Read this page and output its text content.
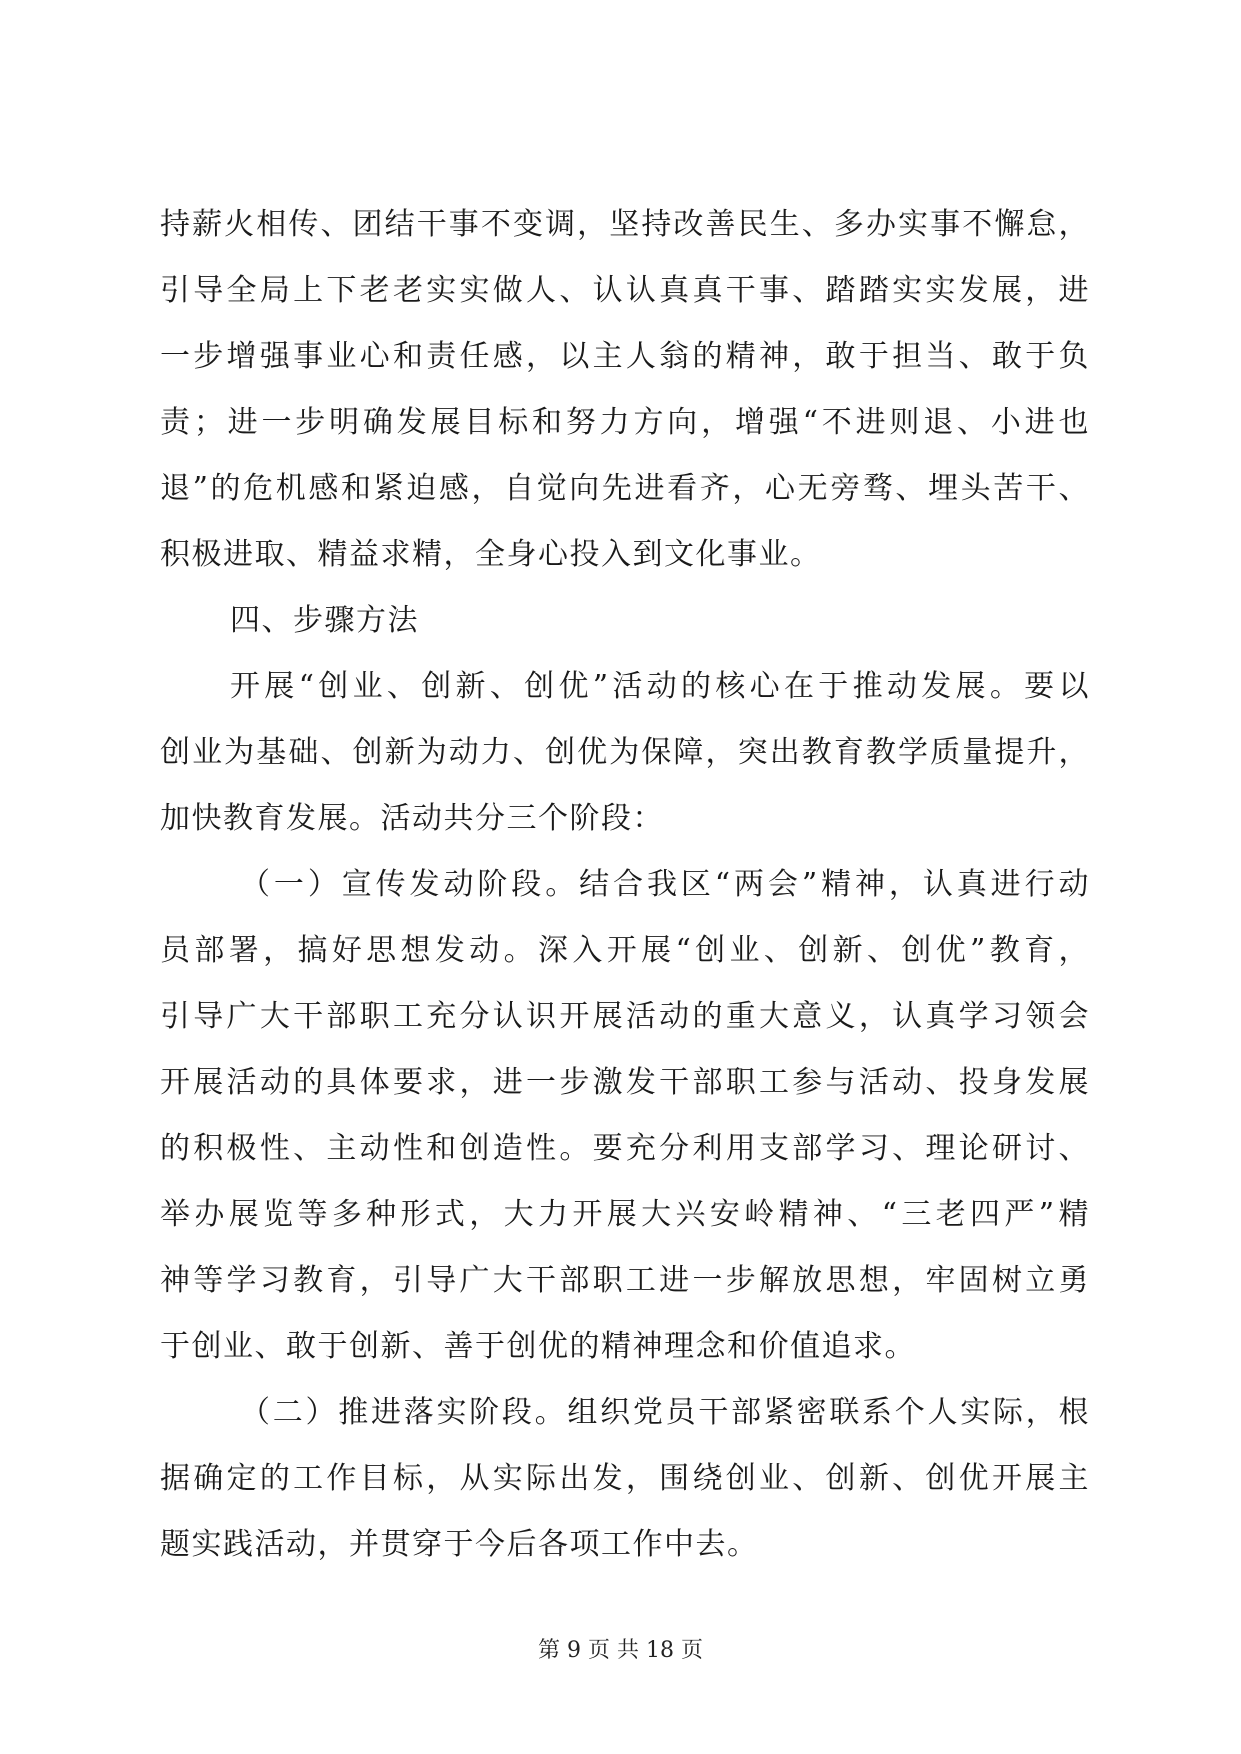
持薪火相传、团结干事不变调，坚持改善民生、多办实事不懈怠，
引导全局上下老老实实做人、认认真真干事、踏踏实实发展，进
一步增强事业心和责任感，以主人翁的精神，敢于担当、敢于负
责；进一步明确发展目标和努力方向，增强“不进则退、小进也
退”的危机感和紧迫感，自觉向先进看齐，心无旁骛、埋头苦干、
积极进取、精益求精，全身心投入到文化事业。
四、步骤方法
开展“创业、创新、创优”活动的核心在于推动发展。要以
创业为基础、创新为动力、创优为保障，突出教育教学质量提升，
加快教育发展。活动共分三个阶段：
（一）宣传发动阶段。结合我区“两会”精神，认真进行动
员部署，搞好思想发动。深入开展“创业、创新、创优”教育，
引导广大干部职工充分认识开展活动的重大意义，认真学习领会
开展活动的具体要求，进一步激发干部职工参与活动、投身发展
的积极性、主动性和创造性。要充分利用支部学习、理论研讨、
举办展览等多种形式，大力开展大兴安岭精神、“三老四严”精
神等学习教育，引导广大干部职工进一步解放思想，牢固树立勇
于创业、敢于创新、善于创优的精神理念和价值追求。
（二）推进落实阶段。组织党员干部紧密联系个人实际，根
据确定的工作目标，从实际出发，围绕创业、创新、创优开展主
题实践活动，并贯穿于今后各项工作中去。
第 9 页 共 18 页
